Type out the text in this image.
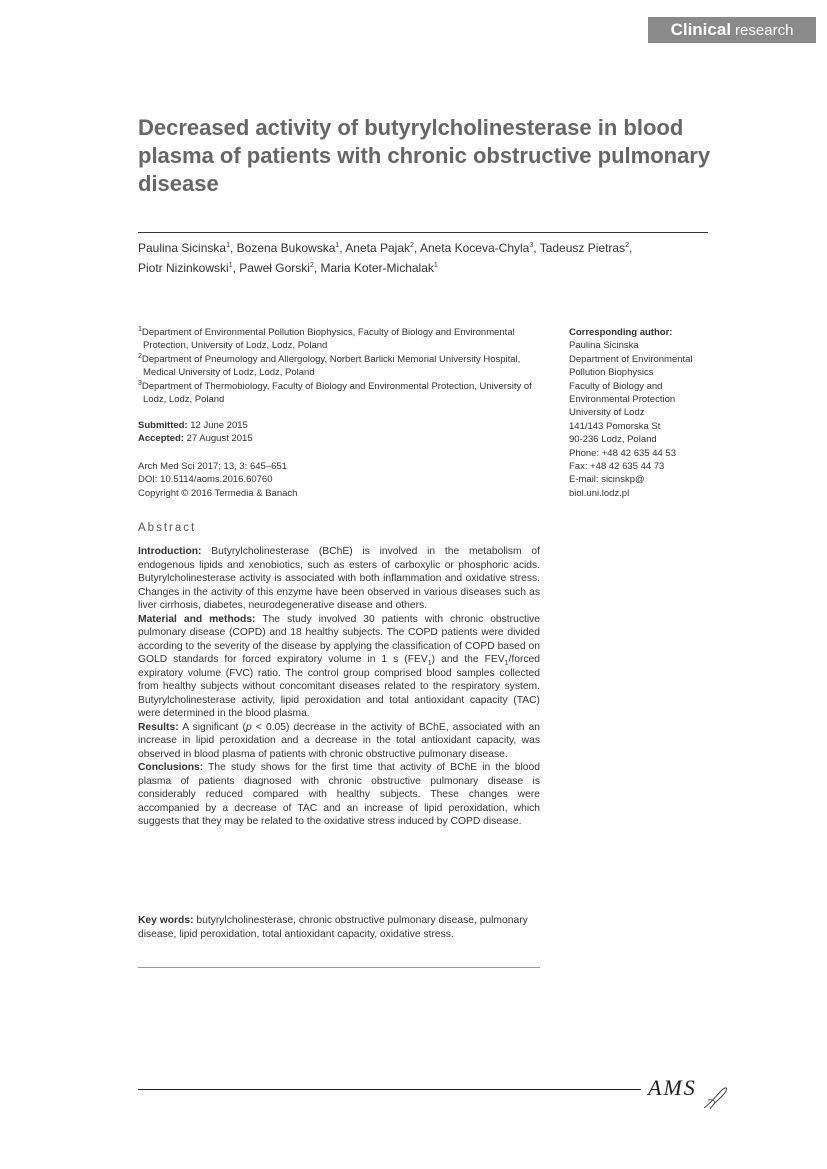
Clinical research
Decreased activity of butyrylcholinesterase in blood plasma of patients with chronic obstructive pulmonary disease
Paulina Sicinska$^1$, Bozena Bukowska$^1$, Aneta Pajak$^2$, Aneta Koceva-Chyla$^3$, Tadeusz Pietras$^2$,
Piotr Nizinkowski$^1$, Paweł Gorski$^2$, Maria Koter-Michalak$^1$
$^1$Department of Environmental Pollution Biophysics, Faculty of Biology and Environmental Protection, University of Lodz, Lodz, Poland
$^2$Department of Pneumology and Allergology, Norbert Barlicki Memorial University Hospital, Medical University of Lodz, Lodz, Poland
$^3$Department of Thermobiology, Faculty of Biology and Environmental Protection, University of Lodz, Lodz, Poland
Submitted: 12 June 2015
Accepted: 27 August 2015
Arch Med Sci 2017; 13, 3: 645–651
DOI: 10.5114/aoms.2016.60760
Copyright © 2016 Termedia & Banach
Corresponding author:
Paulina Sicinska
Department of Environmental
Pollution Biophysics
Faculty of Biology and
Environmental Protection
University of Lodz
141/143 Pomorska St
90-236 Lodz, Poland
Phone: +48 42 635 44 53
Fax: +48 42 635 44 73
E-mail: sicinskp@
biol.uni.lodz.pl
Abstract

Introduction: Butyrylcholinesterase (BChE) is involved in the metabolism of endogenous lipids and xenobiotics, such as esters of carboxylic or phosphoric acids. Butyrylcholinesterase activity is associated with both inflammation and oxidative stress. Changes in the activity of this enzyme have been observed in various diseases such as liver cirrhosis, diabetes, neurodegenerative disease and others.

Material and methods: The study involved 30 patients with chronic obstructive pulmonary disease (COPD) and 18 healthy subjects. The COPD patients were divided according to the severity of the disease by applying the classification of COPD based on GOLD standards for forced expiratory volume in 1 s $(FEV_1)$ and the $FEV_1$/forced expiratory volume (FVC) ratio. The control group comprised blood samples collected from healthy subjects without concomitant diseases related to the respiratory system. Butyrylcholinesterase activity, lipid peroxidation and total antioxidant capacity (TAC) were determined in the blood plasma.

Results: A significant (p < 0.05) decrease in the activity of BChE, associated with an increase in lipid peroxidation and a decrease in the total antioxidant capacity, was observed in blood plasma of patients with chronic obstructive pulmonary disease.

Conclusions: The study shows for the first time that activity of BChE in the blood plasma of patients diagnosed with chronic obstructive pulmonary disease is considerably reduced compared with healthy subjects. These changes were accompanied by a decrease of TAC and an increase of lipid peroxidation, which suggests that they may be related to the oxidative stress induced by COPD disease.

Key words: butyrylcholinesterase, chronic obstructive pulmonary disease, pulmonary disease, lipid peroxidation, total antioxidant capacity, oxidative stress.
AMS
